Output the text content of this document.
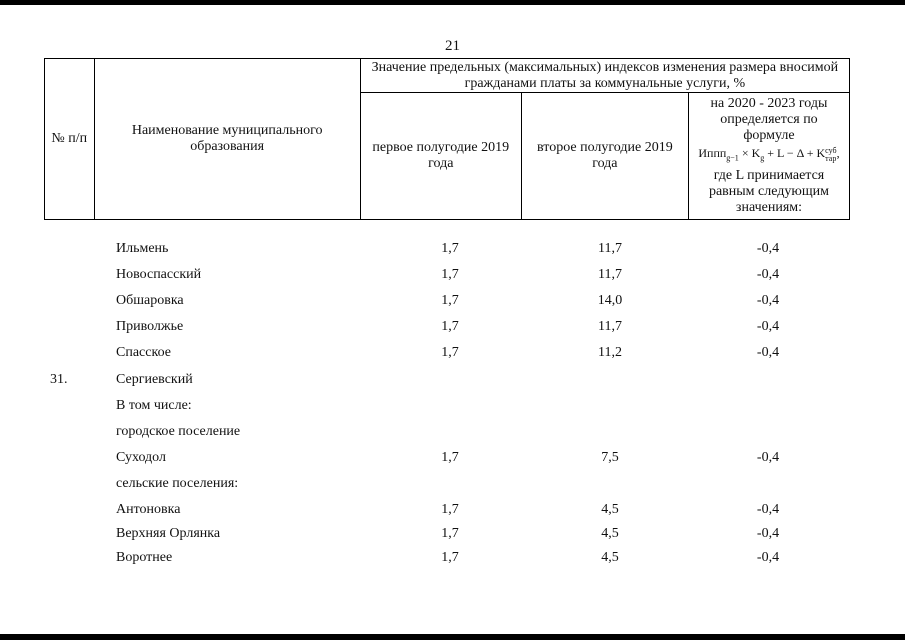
21
№ п/п	Наименование муниципального образования	Значение предельных (максимальных) индексов изменения размера вносимой гражданами платы за коммунальные услуги, %		
		первое полугодие 2019 года	второе полугодие 2019 года	на 2020 - 2023 годы определяется по формуле
Иппп$_{g-1}$ × $K_g + L - \Delta$ + Kсуб
тар,
где L принимается равным следующим значениям:
Ильмень	1,7	11,7	-0,4
Новоспасский	1,7	11,7	-0,4
Обшаровка	1,7	14,0	-0,4
Приволжье	1,7	11,7	-0,4
Спасское	1,7	11,2	-0,4
31.	Сергиевский
В том числе:
городское поселение
Суходол	1,7	7,5	-0,4
сельские поселения:
Антоновка	1,7	4,5	-0,4
Верхняя Орлянка	1,7	4,5	-0,4
Воротнее	1,7	4,5	-0,4
